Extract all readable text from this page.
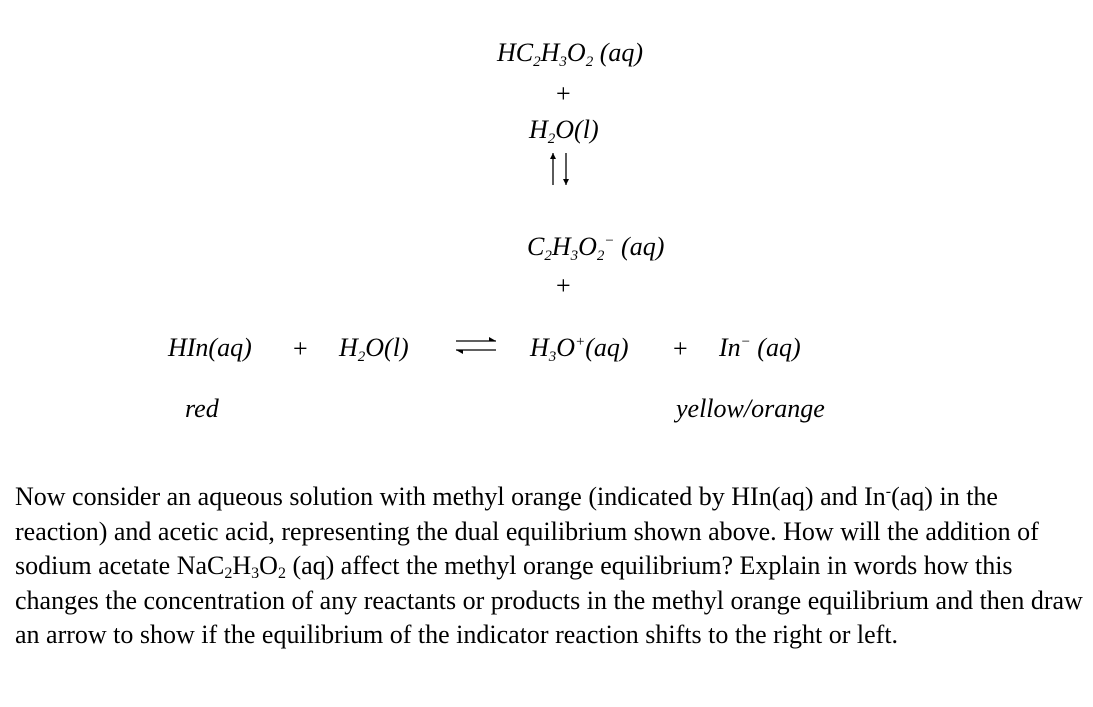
$HC_2H_3O_2$ (aq)
+
$H_2O(l)$
$C_2H_3O_2^-$ (aq)
+
$HIn(aq) + H_2O(l)$	$H_3O^+(aq) + In^-$ (aq)
red	yellow/orange

Now consider an aqueous solution with methyl orange (indicated by HIn(aq) and In-(aq) in the reaction) and acetic acid, representing the dual equilibrium shown above. How will the addition of sodium acetate $NaC_2H_3O_2$ (aq) affect the methyl orange equilibrium? Explain in words how this changes the concentration of any reactants or products in the methyl orange equilibrium and then draw an arrow to show if the equilibrium of the indicator reaction shifts to the right or left.
